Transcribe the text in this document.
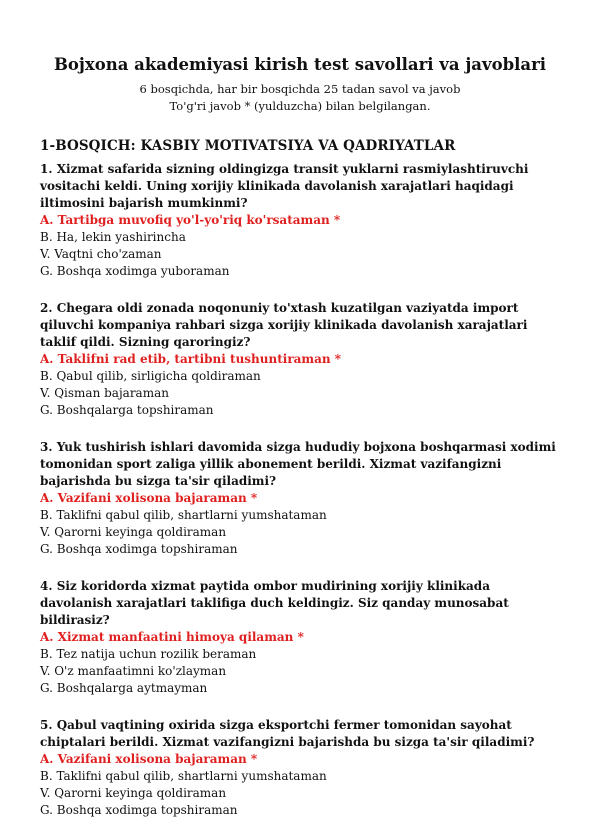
Bojxona akademiyasi kirish test savollari va javoblari

6 bosqichda, har bir bosqichda 25 tadan savol va javob

To'g'ri javob * (yulduzcha) bilan belgilangan.

1-BOSQICH: KASBIY MOTIVATSIYA VA QADRIYATLAR

1. Xizmat safarida sizning oldingizga transit yuklarni rasmiylashtiruvchi vositachi keldi. Uning xorijiy klinikada davolanish xarajatlari haqidagi iltimosini bajarish mumkinmi?

A. Tartibga muvofiq yo'l-yo'riq ko'rsataman *

B. Ha, lekin yashirincha

V. Vaqtni cho'zaman

G. Boshqa xodimga yuboraman

2. Chegara oldi zonada noqonuniy to'xtash kuzatilgan vaziyatda import qiluvchi kompaniya rahbari sizga xorijiy klinikada davolanish xarajatlari taklif qildi. Sizning qaroringiz?

A. Taklifni rad etib, tartibni tushuntiraman *

B. Qabul qilib, sirligicha qoldiraman

V. Qisman bajaraman

G. Boshqalarga topshiraman

3. Yuk tushirish ishlari davomida sizga hududiy bojxona boshqarmasi xodimi tomonidan sport zaliga yillik abonement berildi. Xizmat vazifangizni bajarishda bu sizga ta'sir qiladimi?

A. Vazifani xolisona bajaraman *

B. Taklifni qabul qilib, shartlarni yumshataman

V. Qarorni keyinga qoldiraman

G. Boshqa xodimga topshiraman

4. Siz koridorda xizmat paytida ombor mudirining xorijiy klinikada davolanish xarajatlari taklifiga duch keldingiz. Siz qanday munosabat bildirasiz?

A. Xizmat manfaatini himoya qilaman *

B. Tez natija uchun rozilik beraman

V. O'z manfaatimni ko'zlayman

G. Boshqalarga aytmayman

5. Qabul vaqtining oxirida sizga eksportchi fermer tomonidan sayohat chiptalari berildi. Xizmat vazifangizni bajarishda bu sizga ta'sir qiladimi?

A. Vazifani xolisona bajaraman *

B. Taklifni qabul qilib, shartlarni yumshataman

V. Qarorni keyinga qoldiraman

G. Boshqa xodimga topshiraman
